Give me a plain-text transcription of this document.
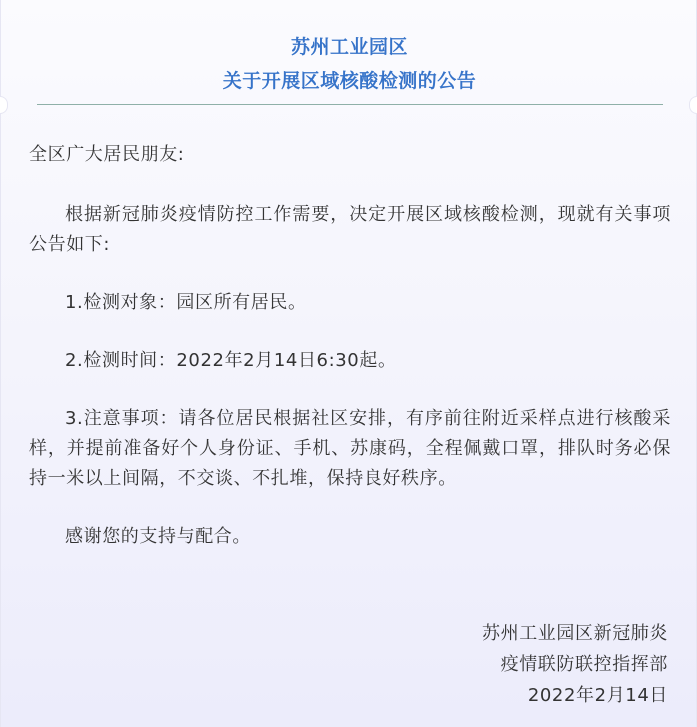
苏州工业园区
关于开展区域核酸检测的公告

全区广大居民朋友:

根据新冠肺炎疫情防控工作需要，决定开展区域核酸检测，现就有关事项公告如下:

1.检测对象：园区所有居民。

2.检测时间：2022年2月14日6:30起。

3.注意事项：请各位居民根据社区安排，有序前往附近采样点进行核酸采样，并提前准备好个人身份证、手机、苏康码，全程佩戴口罩，排队时务必保持一米以上间隔，不交谈、不扎堆，保持良好秩序。

感谢您的支持与配合。

苏州工业园区新冠肺炎
疫情联防联控指挥部
2022年2月14日
